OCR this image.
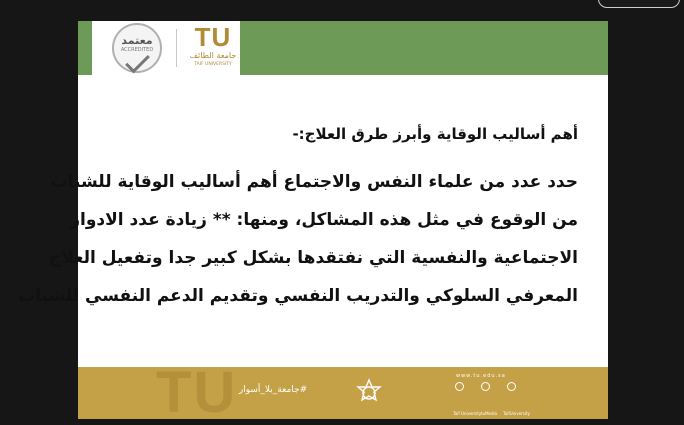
معتمد
ACCREDITED	TU
جامعة الطائف
TAIF UNIVERSITY

أهم أساليب الوقاية وأبرز طرق العلاج:-

حدد عدد من علماء النفس والاجتماع أهم أساليب الوقاية للشباب
من الوقوع في مثل هذه المشاكل، ومنها: ** زيادة عدد الادوار
الاجتماعية والنفسية التي نفتقدها بشكل كبير جدا وتفعيل العلاج
المعرفي السلوكي والتدريب النفسي وتقديم الدعم النفسي للشباب

TU #جامعة_بلا_أسوار
www.tu.edu.sa
Taif University tuMedia TaifUniversity
